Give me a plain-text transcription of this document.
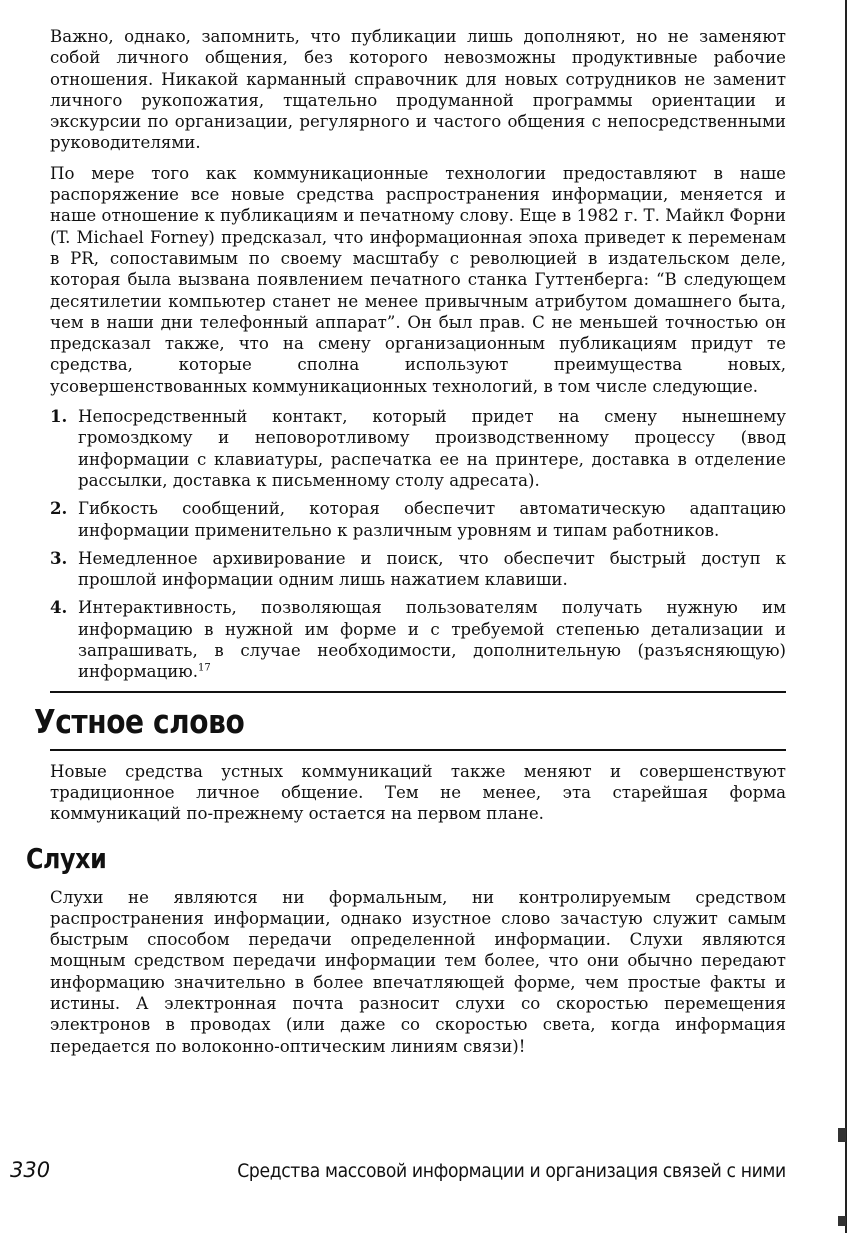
Важно, однако, запомнить, что публикации лишь дополняют, но не заменяют собой личного общения, без которого невозможны продуктивные рабочие отношения. Никакой карманный справочник для новых сотрудников не заменит личного рукопожатия, тщательно продуманной программы ориентации и экскурсии по организации, регулярного и частого общения с непосредственными руководителями.

По мере того как коммуникационные технологии предоставляют в наше распоряжение все новые средства распространения информации, меняется и наше отношение к публикациям и печатному слову. Еще в 1982 г. Т. Майкл Форни (T. Michael Forney) предсказал, что информационная эпоха приведет к переменам в PR, сопоставимым по своему масштабу с революцией в издательском деле, которая была вызвана появлением печатного станка Гуттенберга: “В следующем десятилетии компьютер станет не менее привычным атрибутом домашнего быта, чем в наши дни телефонный аппарат”. Он был прав. С не меньшей точностью он предсказал также, что на смену организационным публикациям придут те средства, которые сполна используют преимущества новых, усовершенствованных коммуникационных технологий, в том числе следующие.

1. Непосредственный контакт, который придет на смену нынешнему громоздкому и неповоротливому производственному процессу (ввод информации с клавиатуры, распечатка ее на принтере, доставка в отделение рассылки, доставка к письменному столу адресата).
2. Гибкость сообщений, которая обеспечит автоматическую адаптацию информации применительно к различным уровням и типам работников.
3. Немедленное архивирование и поиск, что обеспечит быстрый доступ к прошлой информации одним лишь нажатием клавиши.
4. Интерактивность, позволяющая пользователям получать нужную им информацию в нужной им форме и с требуемой степенью детализации и запрашивать, в случае необходимости, дополнительную (разъясняющую) информацию.$^{17}$
Устное слово

Новые средства устных коммуникаций также меняют и совершенствуют традиционное личное общение. Тем не менее, эта старейшая форма коммуникаций по-прежнему остается на первом плане.

Слухи

Слухи не являются ни формальным, ни контролируемым средством распространения информации, однако изустное слово зачастую служит самым быстрым способом передачи определенной информации. Слухи являются мощным средством передачи информации тем более, что они обычно передают информацию значительно в более впечатляющей форме, чем простые факты и истины. А электронная почта разносит слухи со скоростью перемещения электронов в проводах (или даже со скоростью света, когда информация передается по волоконно-оптическим линиям связи)!

330	Средства массовой информации и организация связей с ними
